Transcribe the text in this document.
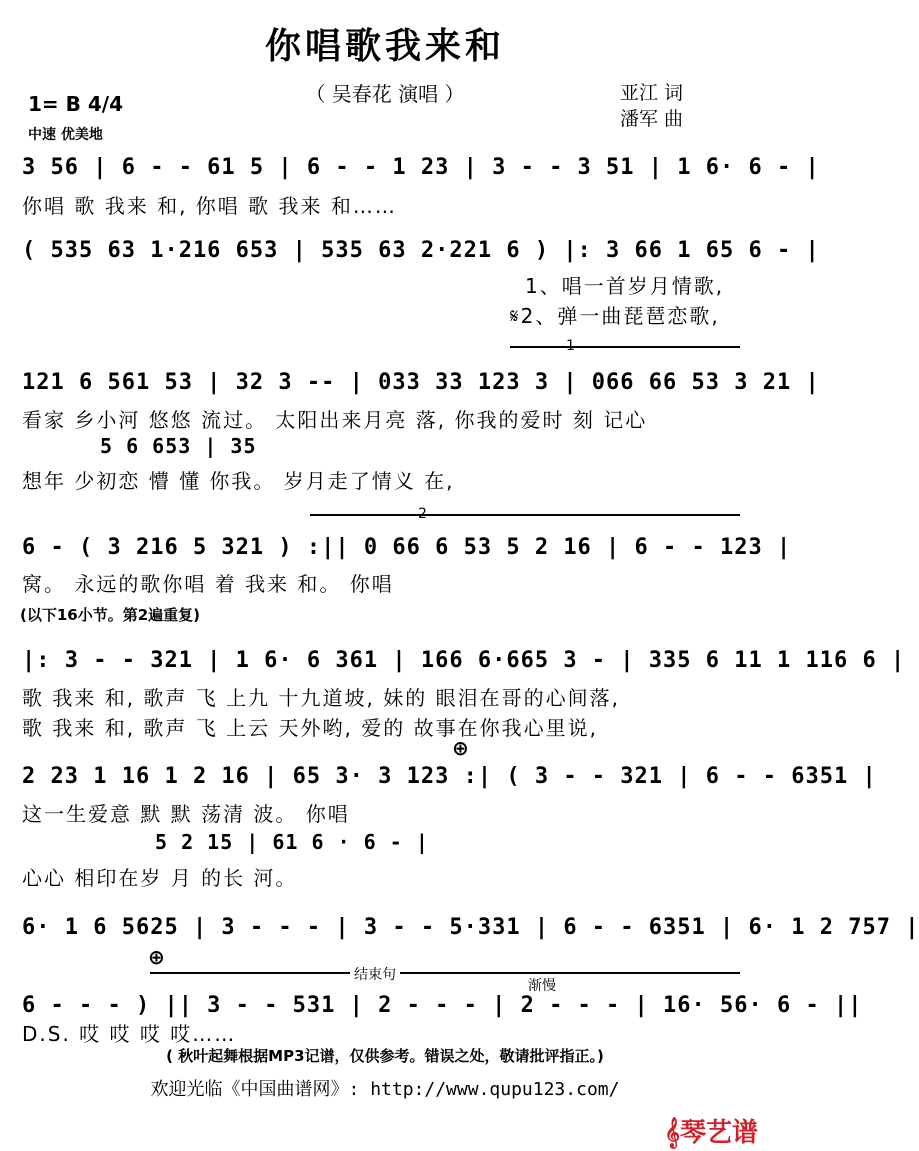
你唱歌我来和
（ 吴春花 演唱 ）	亚江 词
潘军 曲
1= B 4/4
中速 优美地
3 56 | 6 - - 61 5 | 6 - - 1 23 | 3 - - 3 51 | 1 6· 6 - |
你唱 歌 我来 和, 你唱 歌 我来 和……
( 535 63 1·216 653 | 535 63 2·221 6 ) |: 3 66 1 65 6 - |
1、唱一首岁月情歌,
𝄋2、弹一曲琵琶恋歌,
1
121 6 561 53 | 32 3 -- | 033 33 123 3 | 066 66 53 3 21 |
看家 乡小河 悠悠 流过。 太阳出来月亮 落, 你我的爱时 刻 记心
5 6 653 | 35
想年 少初恋 懵 懂 你我。 岁月走了情义 在,
2
6 - ( 3 216 5 321 ) :|| 0 66 6 53 5 2 16 | 6 - - 123 |
窝。 永远的歌你唱 着 我来 和。 你唱
(以下16小节。第2遍重复)
|: 3 - - 321 | 1 6· 6 361 | 166 6·665 3 - | 335 6 11 1 116 6 |
歌 我来 和, 歌声 飞 上九 十九道坡, 妹的 眼泪在哥的心间落,
歌 我来 和, 歌声 飞 上云 天外哟, 爱的 故事在你我心里说,
⊕
2 23 1 16 1 2 16 | 65 3· 3 123 :| ( 3 - - 321 | 6 - - 6351 |
这一生爱意 默 默 荡清 波。 你唱
5 2 15 | 61 6 · 6 - |
心心 相印在岁 月 的长 河。
6· 1 6 5625 | 3 - - - | 3 - - 5·331 | 6 - - 6351 | 6· 1 2 757 |
⊕
结束句
渐慢
6 - - - ) || 3 - - 531 | 2 - - - | 2 - - - | 16· 56· 6 - ||
D.S. 哎 哎 哎 哎……
( 秋叶起舞根据MP3记谱，仅供参考。错误之处，敬请批评指正。)
欢迎光临《中国曲谱网》: http://www.qupu123.com/
𝄞琴艺谱
